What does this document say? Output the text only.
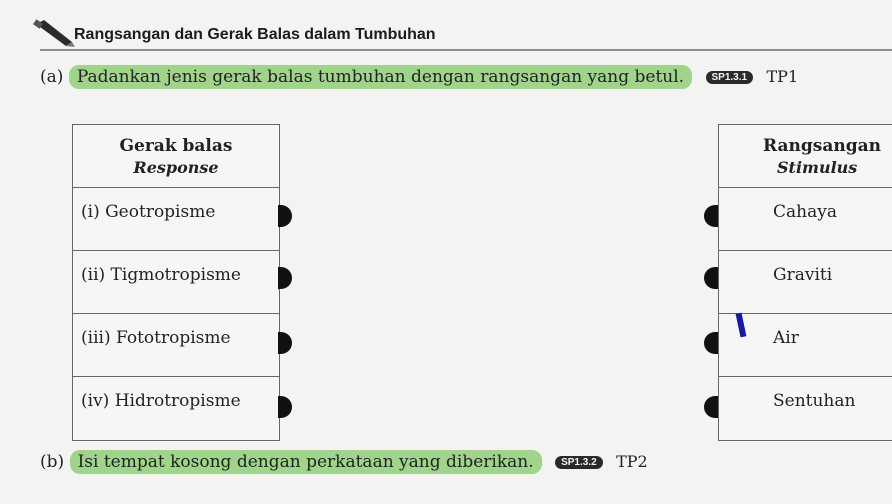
Rangsangan dan Gerak Balas dalam Tumbuhan
(a) Padankan jenis gerak balas tumbuhan dengan rangsangan yang betul.	SP1.3.1 TP1
Gerak balas
Response
(i) Geotropisme
(ii) Tigmotropisme
(iii) Fototropisme
(iv) Hidrotropisme
Rangsangan
Stimulus
Cahaya
Graviti
Air
Sentuhan
(b) Isi tempat kosong dengan perkataan yang diberikan.	SP1.3.2 TP2
